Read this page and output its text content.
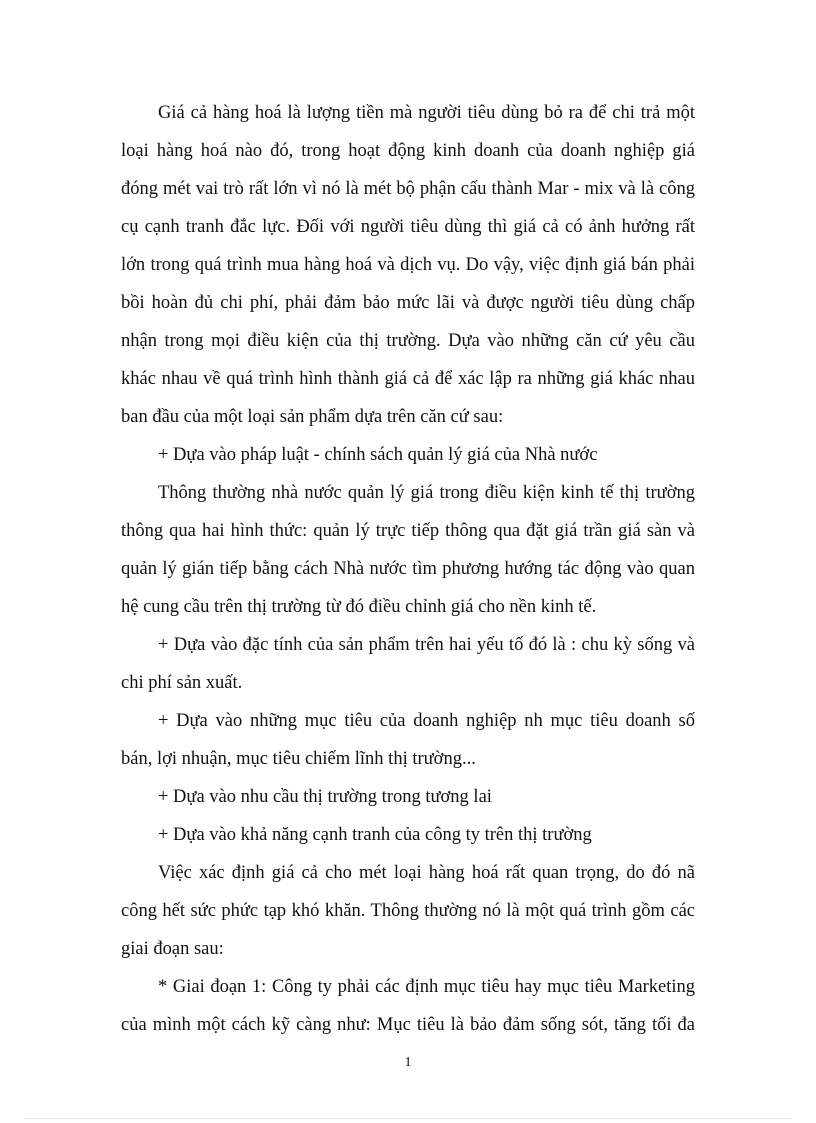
Giá cả hàng hoá là lượng tiền mà người tiêu dùng bỏ ra để chi trả một
loại hàng hoá nào đó, trong hoạt động kinh doanh của doanh nghiệp giá
đóng mét vai trò rất lớn vì nó là mét bộ phận cấu thành Mar - mix và là công
cụ cạnh tranh đắc lực. Đối với người tiêu dùng thì giá cả có ảnh hưởng rất
lớn trong quá trình mua hàng hoá và dịch vụ. Do vậy, việc định giá bán phải
bồi hoàn đủ chi phí, phải đảm bảo mức lãi và được người tiêu dùng chấp
nhận trong mọi điều kiện của thị trường. Dựa vào những căn cứ yêu cầu
khác nhau về quá trình hình thành giá cả để xác lập ra những giá khác nhau
ban đầu của một loại sản phẩm dựa trên căn cứ sau:
+ Dựa vào pháp luật - chính sách quản lý giá của Nhà nước
Thông thường nhà nước quản lý giá trong điều kiện kinh tế thị trường
thông qua hai hình thức: quản lý trực tiếp thông qua đặt giá trần giá sàn và
quản lý gián tiếp bằng cách Nhà nước tìm phương hướng tác động vào quan
hệ cung cầu trên thị trường từ đó điều chỉnh giá cho nền kinh tế.
+ Dựa vào đặc tính của sản phẩm trên hai yếu tố đó là : chu kỳ sống và
chi phí sản xuất.
+ Dựa vào những mục tiêu của doanh nghiệp nh mục tiêu doanh số
bán, lợi nhuận, mục tiêu chiếm lĩnh thị trường...
+ Dựa vào nhu cầu thị trường trong tương lai
+ Dựa vào khả năng cạnh tranh của công ty trên thị trường
Việc xác định giá cả cho mét loại hàng hoá rất quan trọng, do đó nã
công hết sức phức tạp khó khăn. Thông thường nó là một quá trình gồm các
giai đoạn sau:
* Giai đoạn 1: Công ty phải các định mục tiêu hay mục tiêu Marketing
của mình một cách kỹ càng như: Mục tiêu là bảo đảm sống sót, tăng tối đa
1
